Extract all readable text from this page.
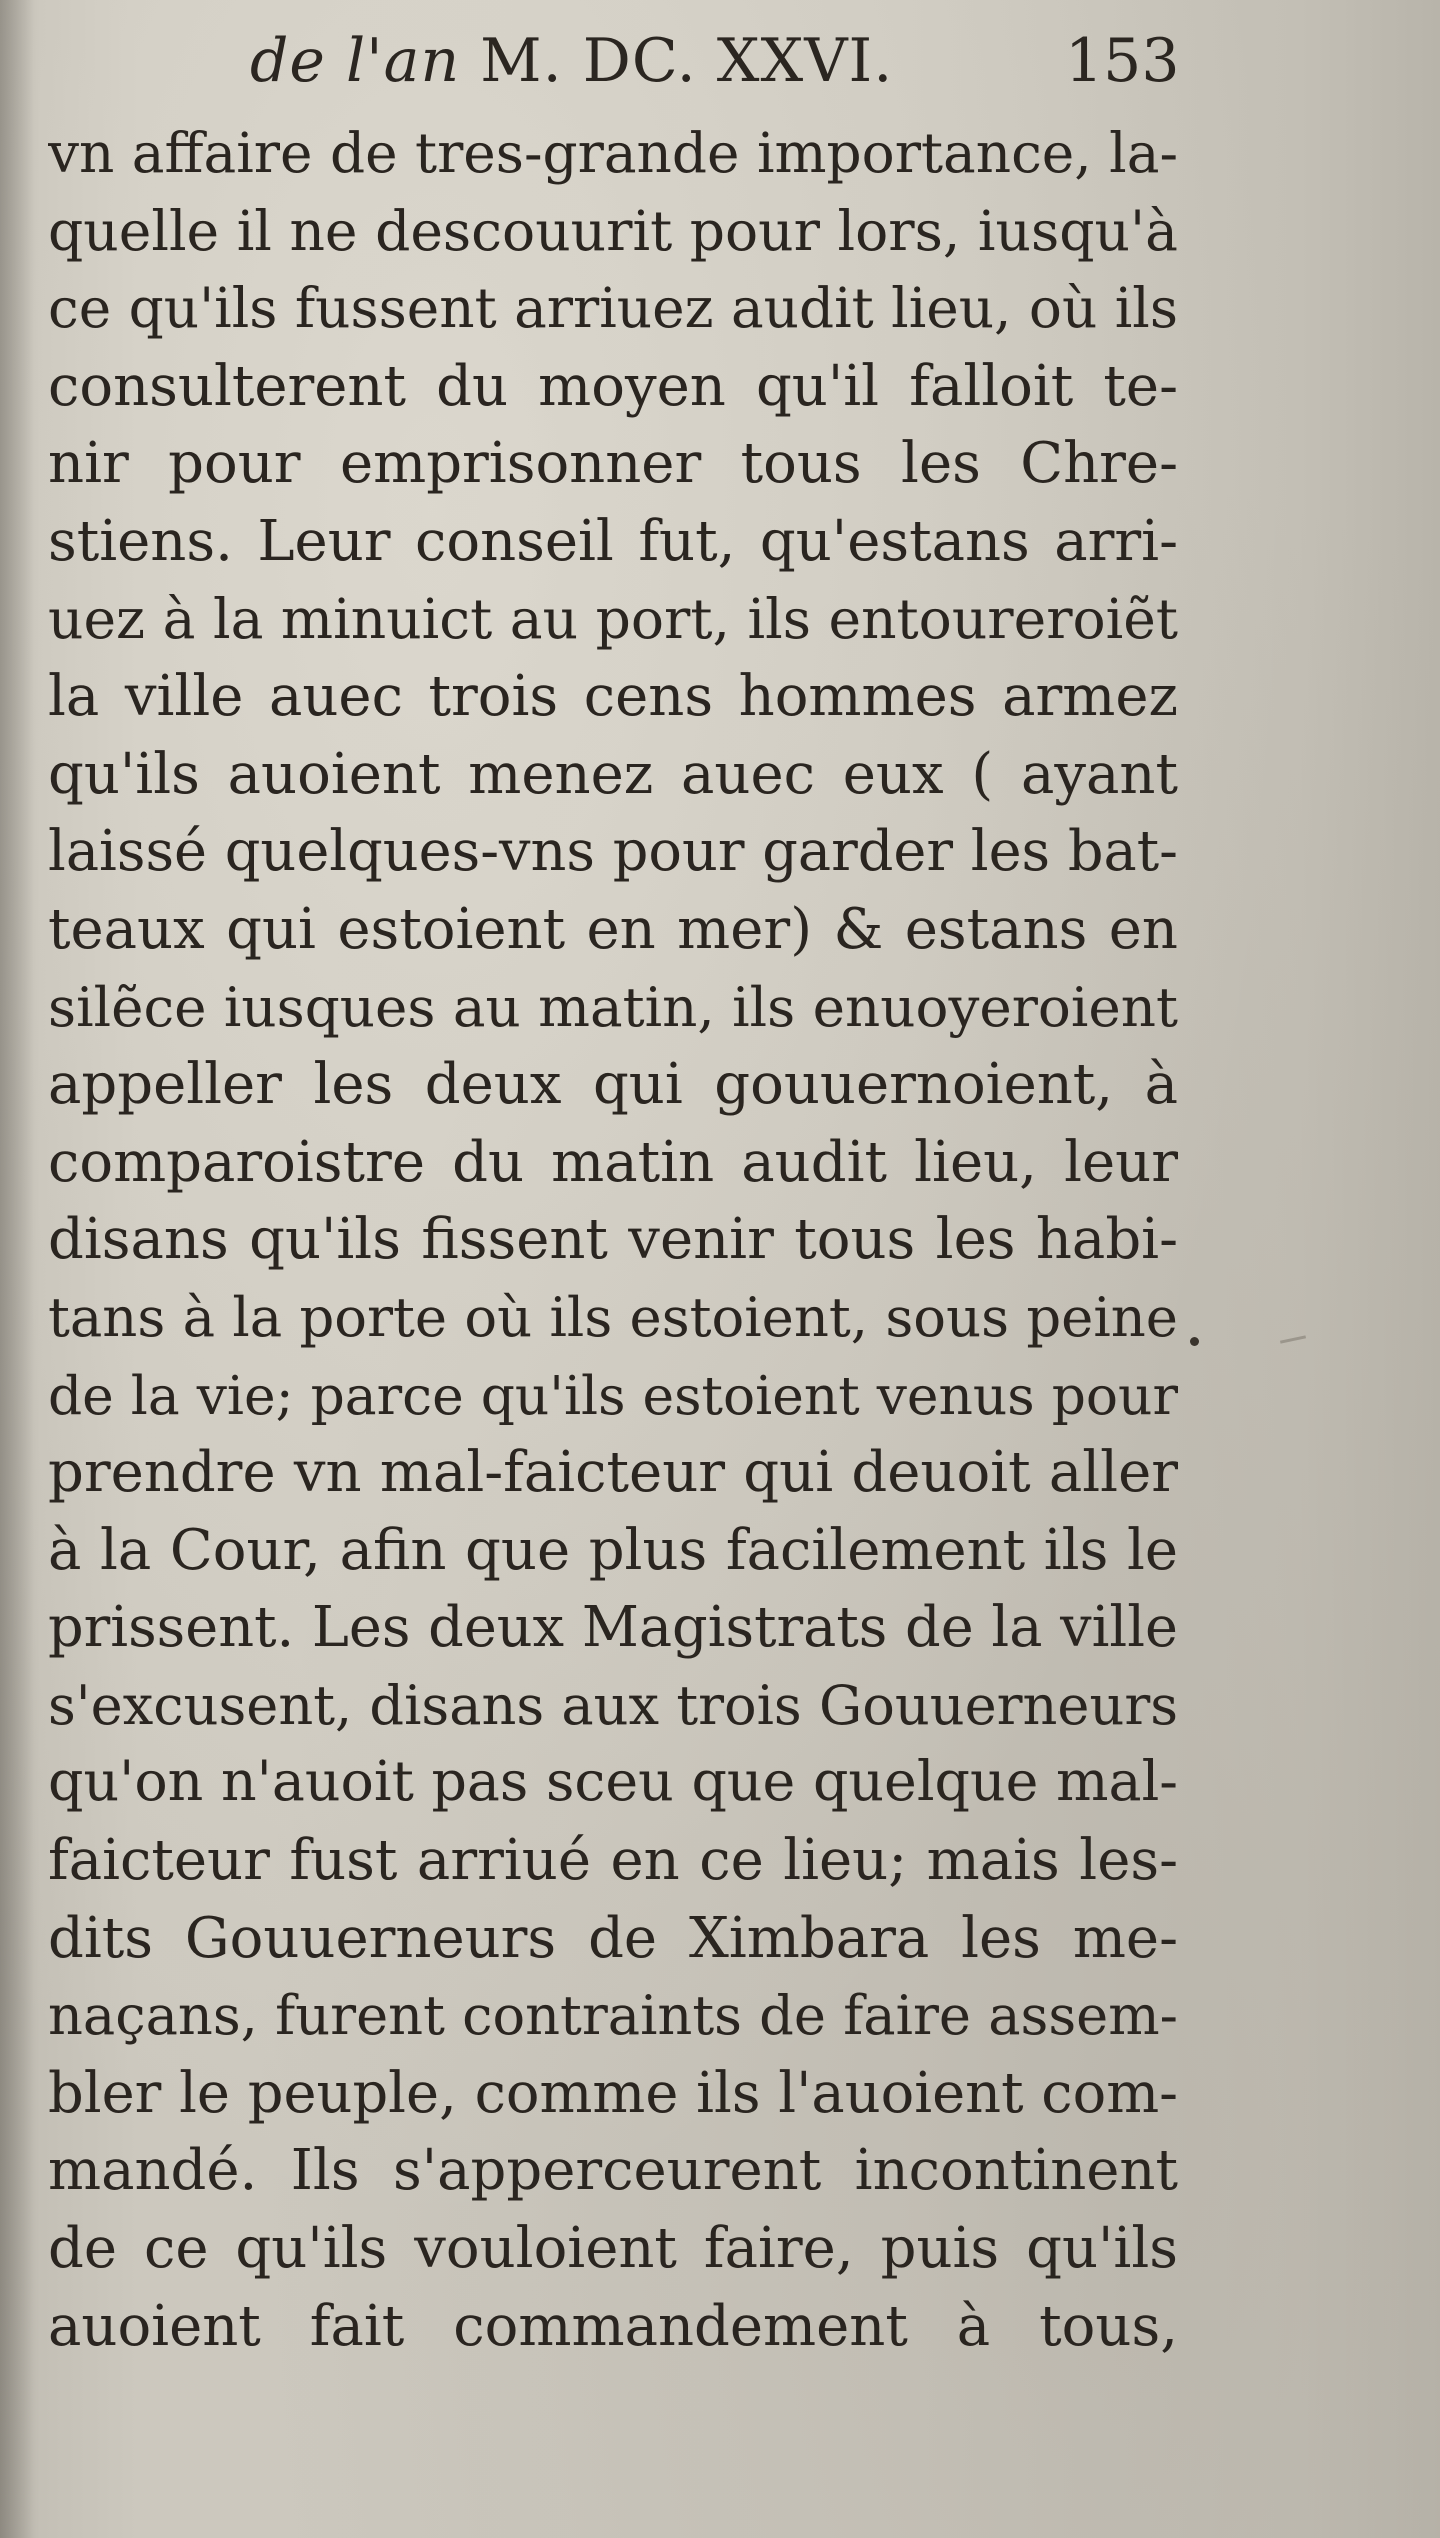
de l'an M. DC. XXVI.	153
vn affaire de tres-grande importance, la-
quelle il ne descouurit pour lors, iusqu'à
ce qu'ils fussent arriuez audit lieu, où ils
consulterent du moyen qu'il falloit te-
nir pour emprisonner tous les Chre-
stiens. Leur conseil fut, qu'estans arri-
uez à la minuict au port, ils entoureroiẽt
la ville auec trois cens hommes armez
qu'ils auoient menez auec eux ( ayant
laissé quelques-vns pour garder les bat-
teaux qui estoient en mer) & estans en
silẽce iusques au matin, ils enuoyeroient
appeller les deux qui gouuernoient, à
comparoistre du matin audit lieu, leur
disans qu'ils fissent venir tous les habi-
tans à la porte où ils estoient, sous peine
de la vie; parce qu'ils estoient venus pour
prendre vn mal-faicteur qui deuoit aller
à la Cour, afin que plus facilement ils le
prissent. Les deux Magistrats de la ville
s'excusent, disans aux trois Gouuerneurs
qu'on n'auoit pas sceu que quelque mal-
faicteur fust arriué en ce lieu; mais les-
dits Gouuerneurs de Ximbara les me-
naçans, furent contraints de faire assem-
bler le peuple, comme ils l'auoient com-
mandé. Ils s'apperceurent incontinent
de ce qu'ils vouloient faire, puis qu'ils
auoient fait commandement à tous,
